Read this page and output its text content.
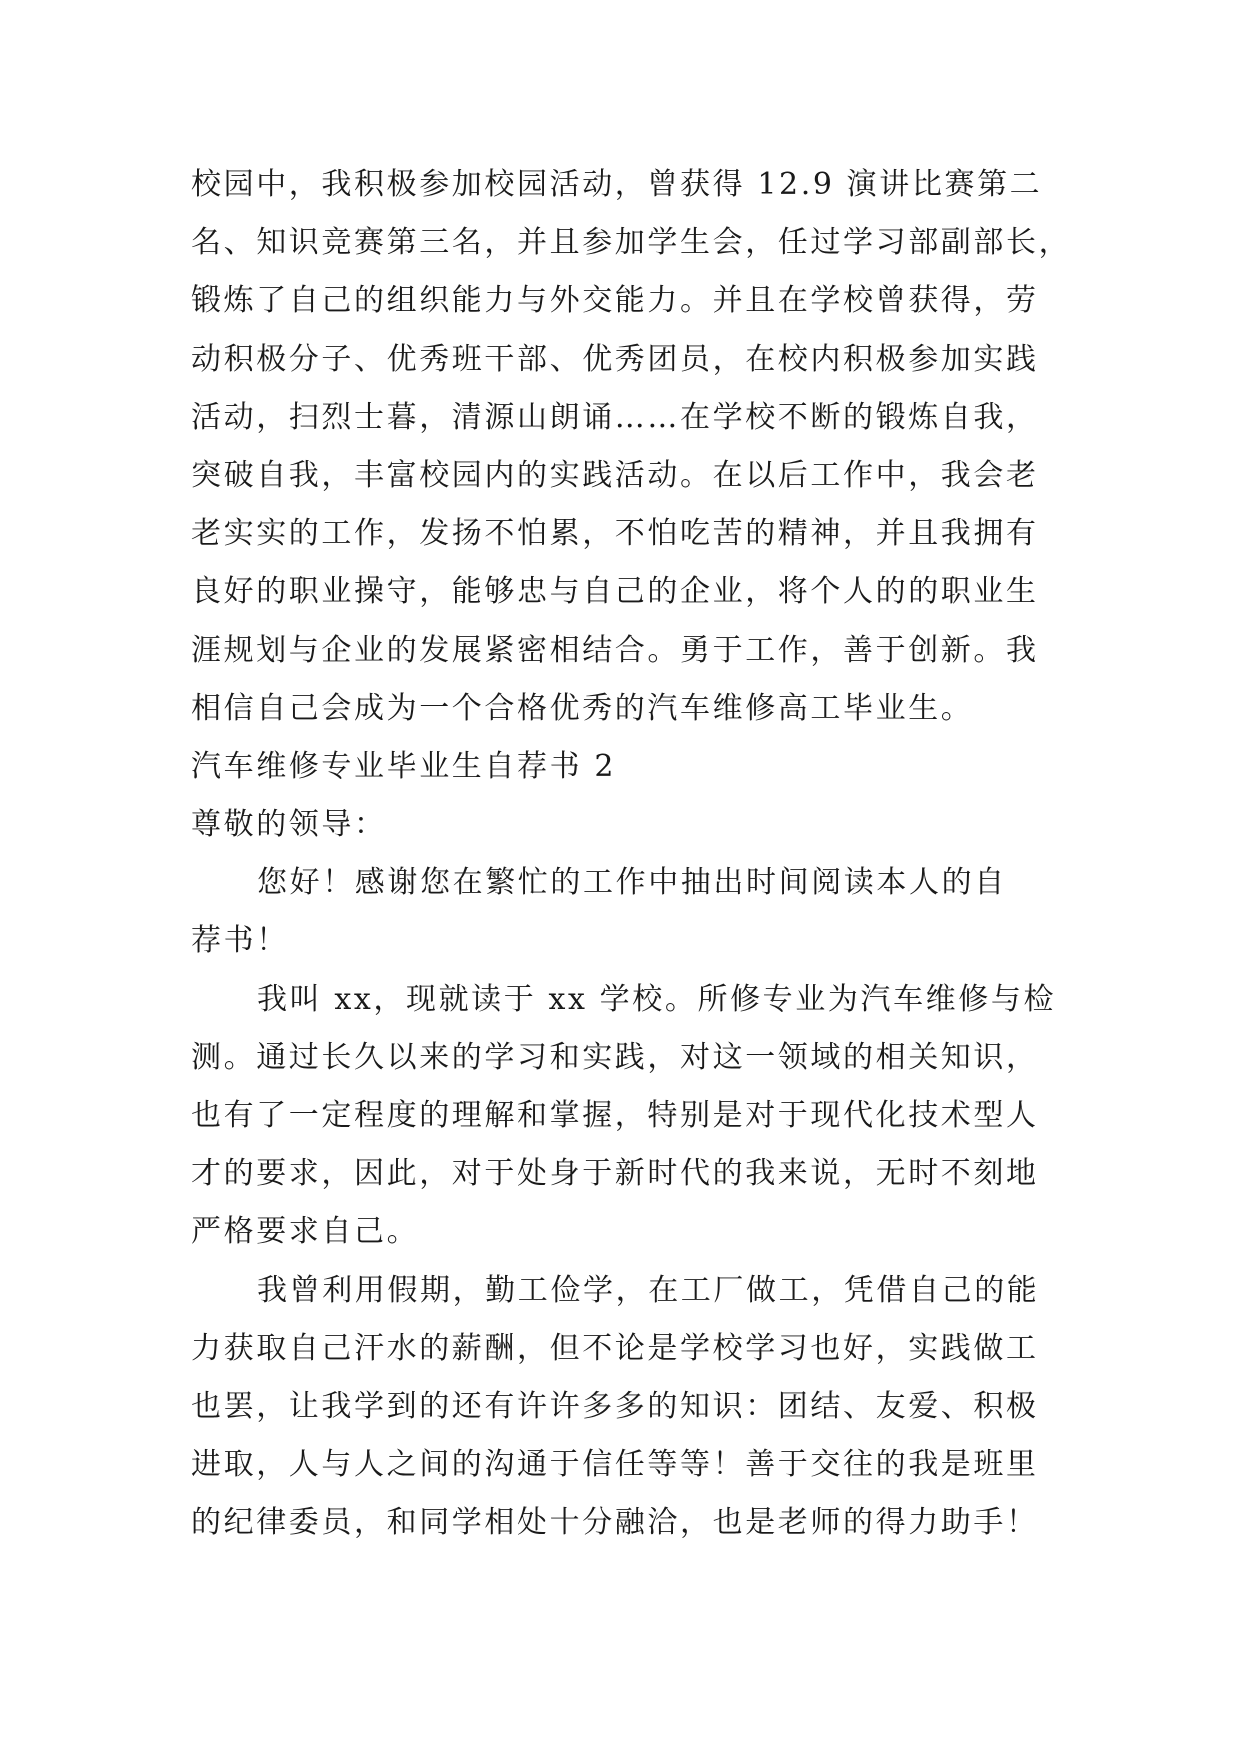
校园中，我积极参加校园活动，曾获得 12.9 演讲比赛第二
名、知识竞赛第三名，并且参加学生会，任过学习部副部长，
锻炼了自己的组织能力与外交能力。并且在学校曾获得，劳
动积极分子、优秀班干部、优秀团员，在校内积极参加实践
活动，扫烈士暮，清源山朗诵……在学校不断的锻炼自我，
突破自我，丰富校园内的实践活动。在以后工作中，我会老
老实实的工作，发扬不怕累，不怕吃苦的精神，并且我拥有
良好的职业操守，能够忠与自己的企业，将个人的的职业生
涯规划与企业的发展紧密相结合。勇于工作，善于创新。我
相信自己会成为一个合格优秀的汽车维修高工毕业生。
汽车维修专业毕业生自荐书 2
尊敬的领导：
您好！感谢您在繁忙的工作中抽出时间阅读本人的自
荐书！
我叫 xx，现就读于 xx 学校。所修专业为汽车维修与检
测。通过长久以来的学习和实践，对这一领域的相关知识，
也有了一定程度的理解和掌握，特别是对于现代化技术型人
才的要求，因此，对于处身于新时代的我来说，无时不刻地
严格要求自己。
我曾利用假期，勤工俭学，在工厂做工，凭借自己的能
力获取自己汗水的薪酬，但不论是学校学习也好，实践做工
也罢，让我学到的还有许许多多的知识：团结、友爱、积极
进取，人与人之间的沟通于信任等等！善于交往的我是班里
的纪律委员，和同学相处十分融洽，也是老师的得力助手！
